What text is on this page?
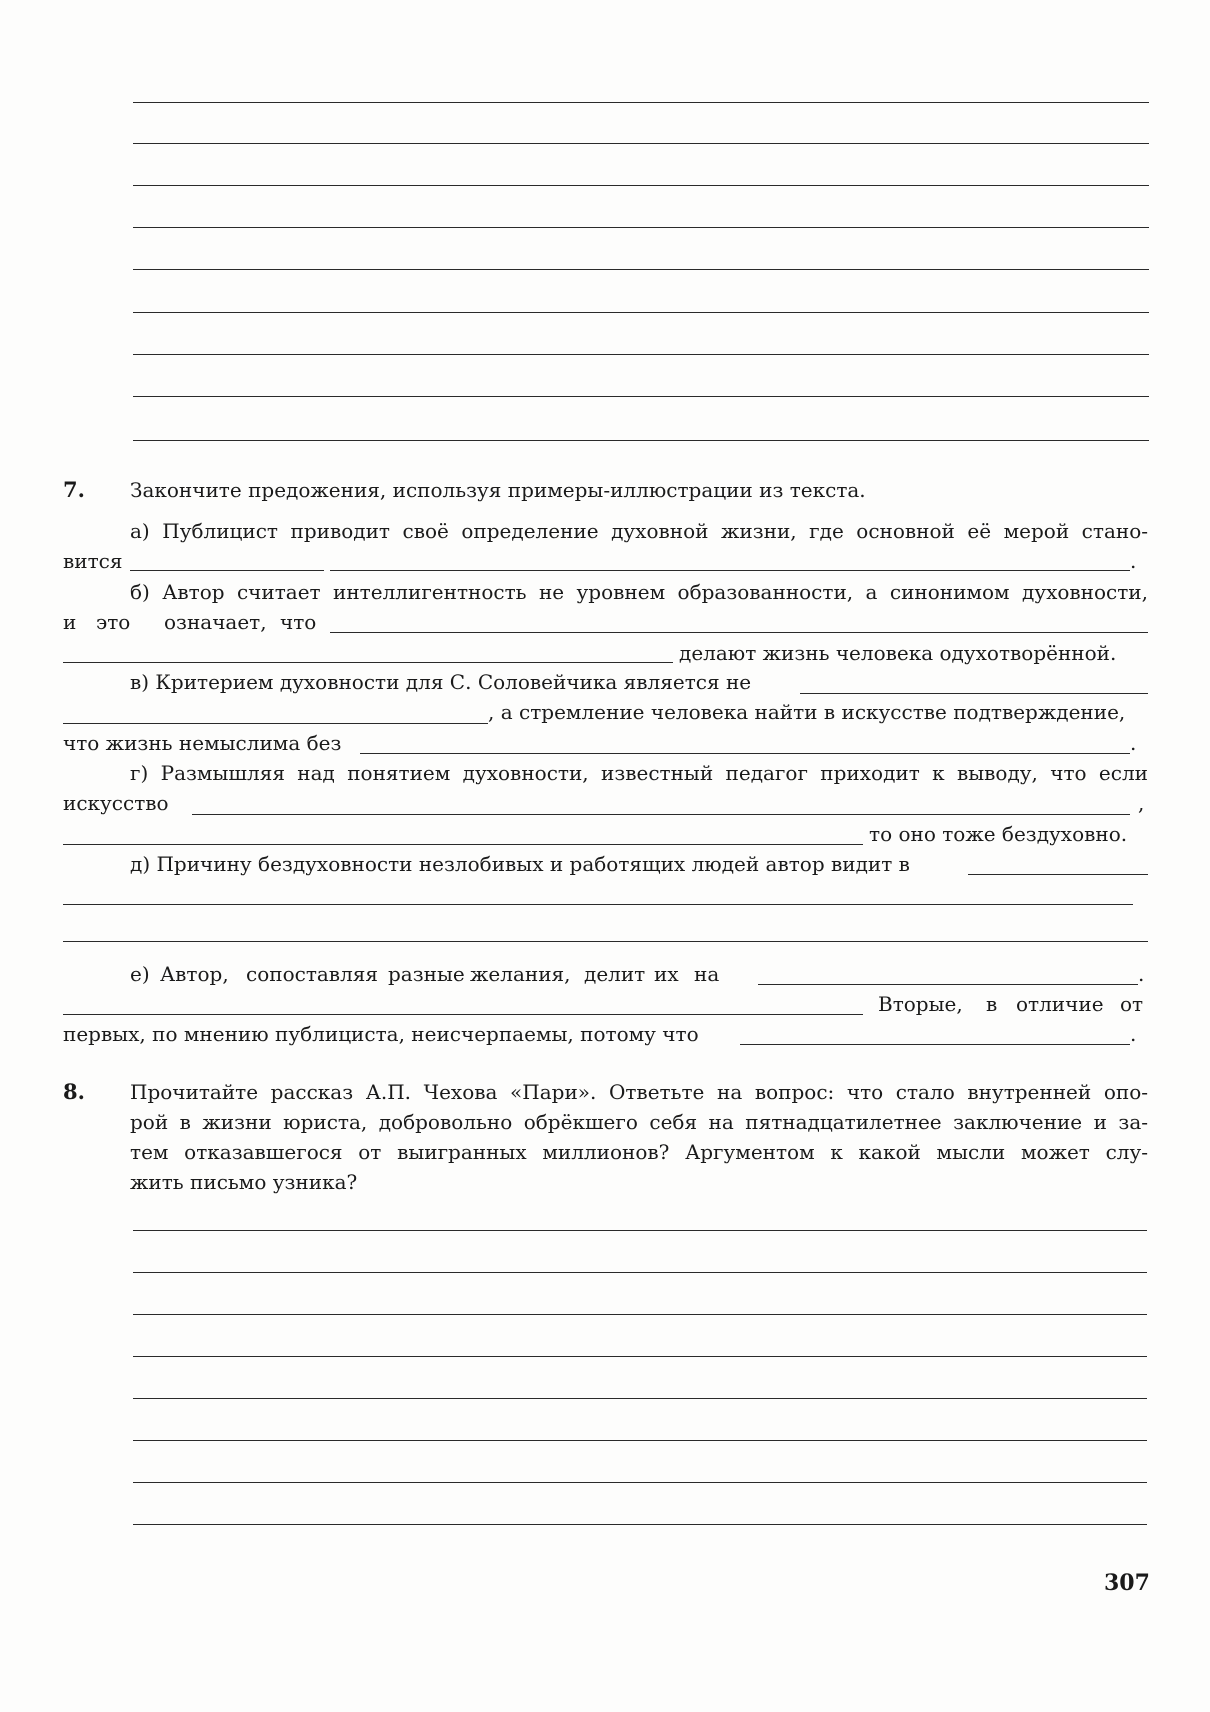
7. Закончите предожения, используя примеры-иллюстрации из текста.
а) Публицист приводит своё определение духовной жизни, где основной её мерой стано-
вится	.
б) Автор считает интеллигентность не уровнем образованности, а синонимом духовности,
и это означает, что
делают жизнь человека одухотворённой.
в) Критерием духовности для С. Соловейчика является не
, а стремление человека найти в искусстве подтверждение,
что жизнь немыслима без	.
г) Размышляя над понятием духовности, известный педагог приходит к выводу, что если
искусство	,
то оно тоже бездуховно.
д) Причину бездуховности незлобивых и работящих людей автор видит в
е) Автор, сопоставляя разные желания, делит их на	.
Вторые, в отличие от
первых, по мнению публициста, неисчерпаемы, потому что	.
8. Прочитайте рассказ А.П. Чехова «Пари». Ответьте на вопрос: что стало внутренней опо-
рой в жизни юриста, добровольно обрёкшего себя на пятнадцатилетнее заключение и за-
тем отказавшегося от выигранных миллионов? Аргументом к какой мысли может слу-
жить письмо узника?
307
